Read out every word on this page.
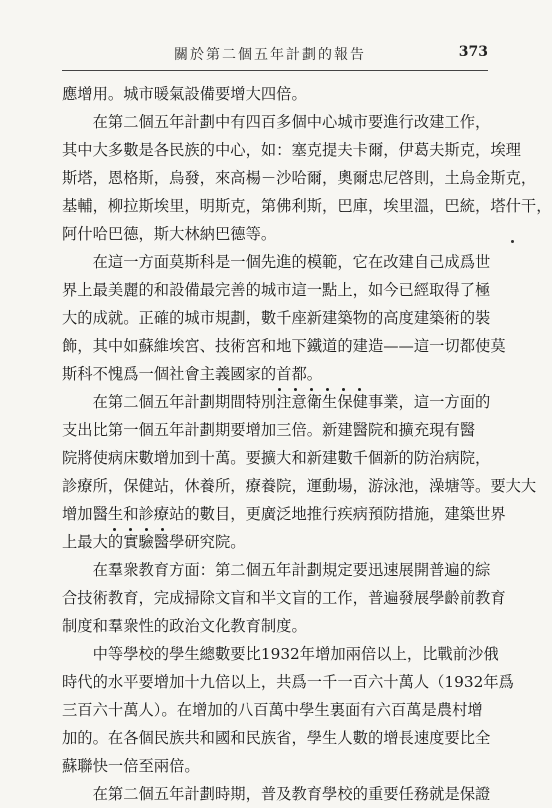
關於第二個五年計劃的報告	373
應增用。城市暖氣設備要增大四倍。
　　在第二個五年計劃中有四百多個中心城市要進行改建工作，
其中大多數是各民族的中心，如：塞克提夫卡爾，伊葛夫斯克，埃理
斯塔，恩格斯，烏發，來高楊－沙哈爾，奧爾忠尼啓則，土烏金斯克，
基輔，柳拉斯埃里，明斯克，第佛利斯，巴庫，埃里溫，巴統，塔什干，
阿什哈巴德，斯大林納巴德等。
　　在這一方面莫斯科是一個先進的模範，它在改建自己成爲世
界上最美麗的和設備最完善的城市這一點上，如今已經取得了極
大的成就。正確的城市規劃，數千座新建築物的高度建築術的裝
飾，其中如蘇維埃宮、技術宮和地下鐵道的建造——這一切都使莫
斯科不愧爲一個社會主義國家的首都。
　　在第二個五年計劃期間特別注意衛生保健事業，這一方面的
支出比第一個五年計劃期要增加三倍。新建醫院和擴充現有醫
院將使病床數增加到十萬。要擴大和新建數千個新的防治病院，
診療所，保健站，休養所，療養院，運動場，游泳池，澡塘等。要大大
增加醫生和診療站的數目，更廣泛地推行疾病預防措施，建築世界
上最大的實驗醫學研究院。
　　在羣衆教育方面：第二個五年計劃規定要迅速展開普遍的綜
合技術教育，完成掃除文盲和半文盲的工作，普遍發展學齡前教育
制度和羣衆性的政治文化教育制度。
　　中等學校的學生總數要比1932年增加兩倍以上，比戰前沙俄
時代的水平要增加十九倍以上，共爲一千一百六十萬人（1932年爲
三百六十萬人）。在增加的八百萬中學生裏面有六百萬是農村增
加的。在各個民族共和國和民族省，學生人數的增長速度要比全
蘇聯快一倍至兩倍。
　　在第二個五年計劃時期，普及教育學校的重要任務就是保證
